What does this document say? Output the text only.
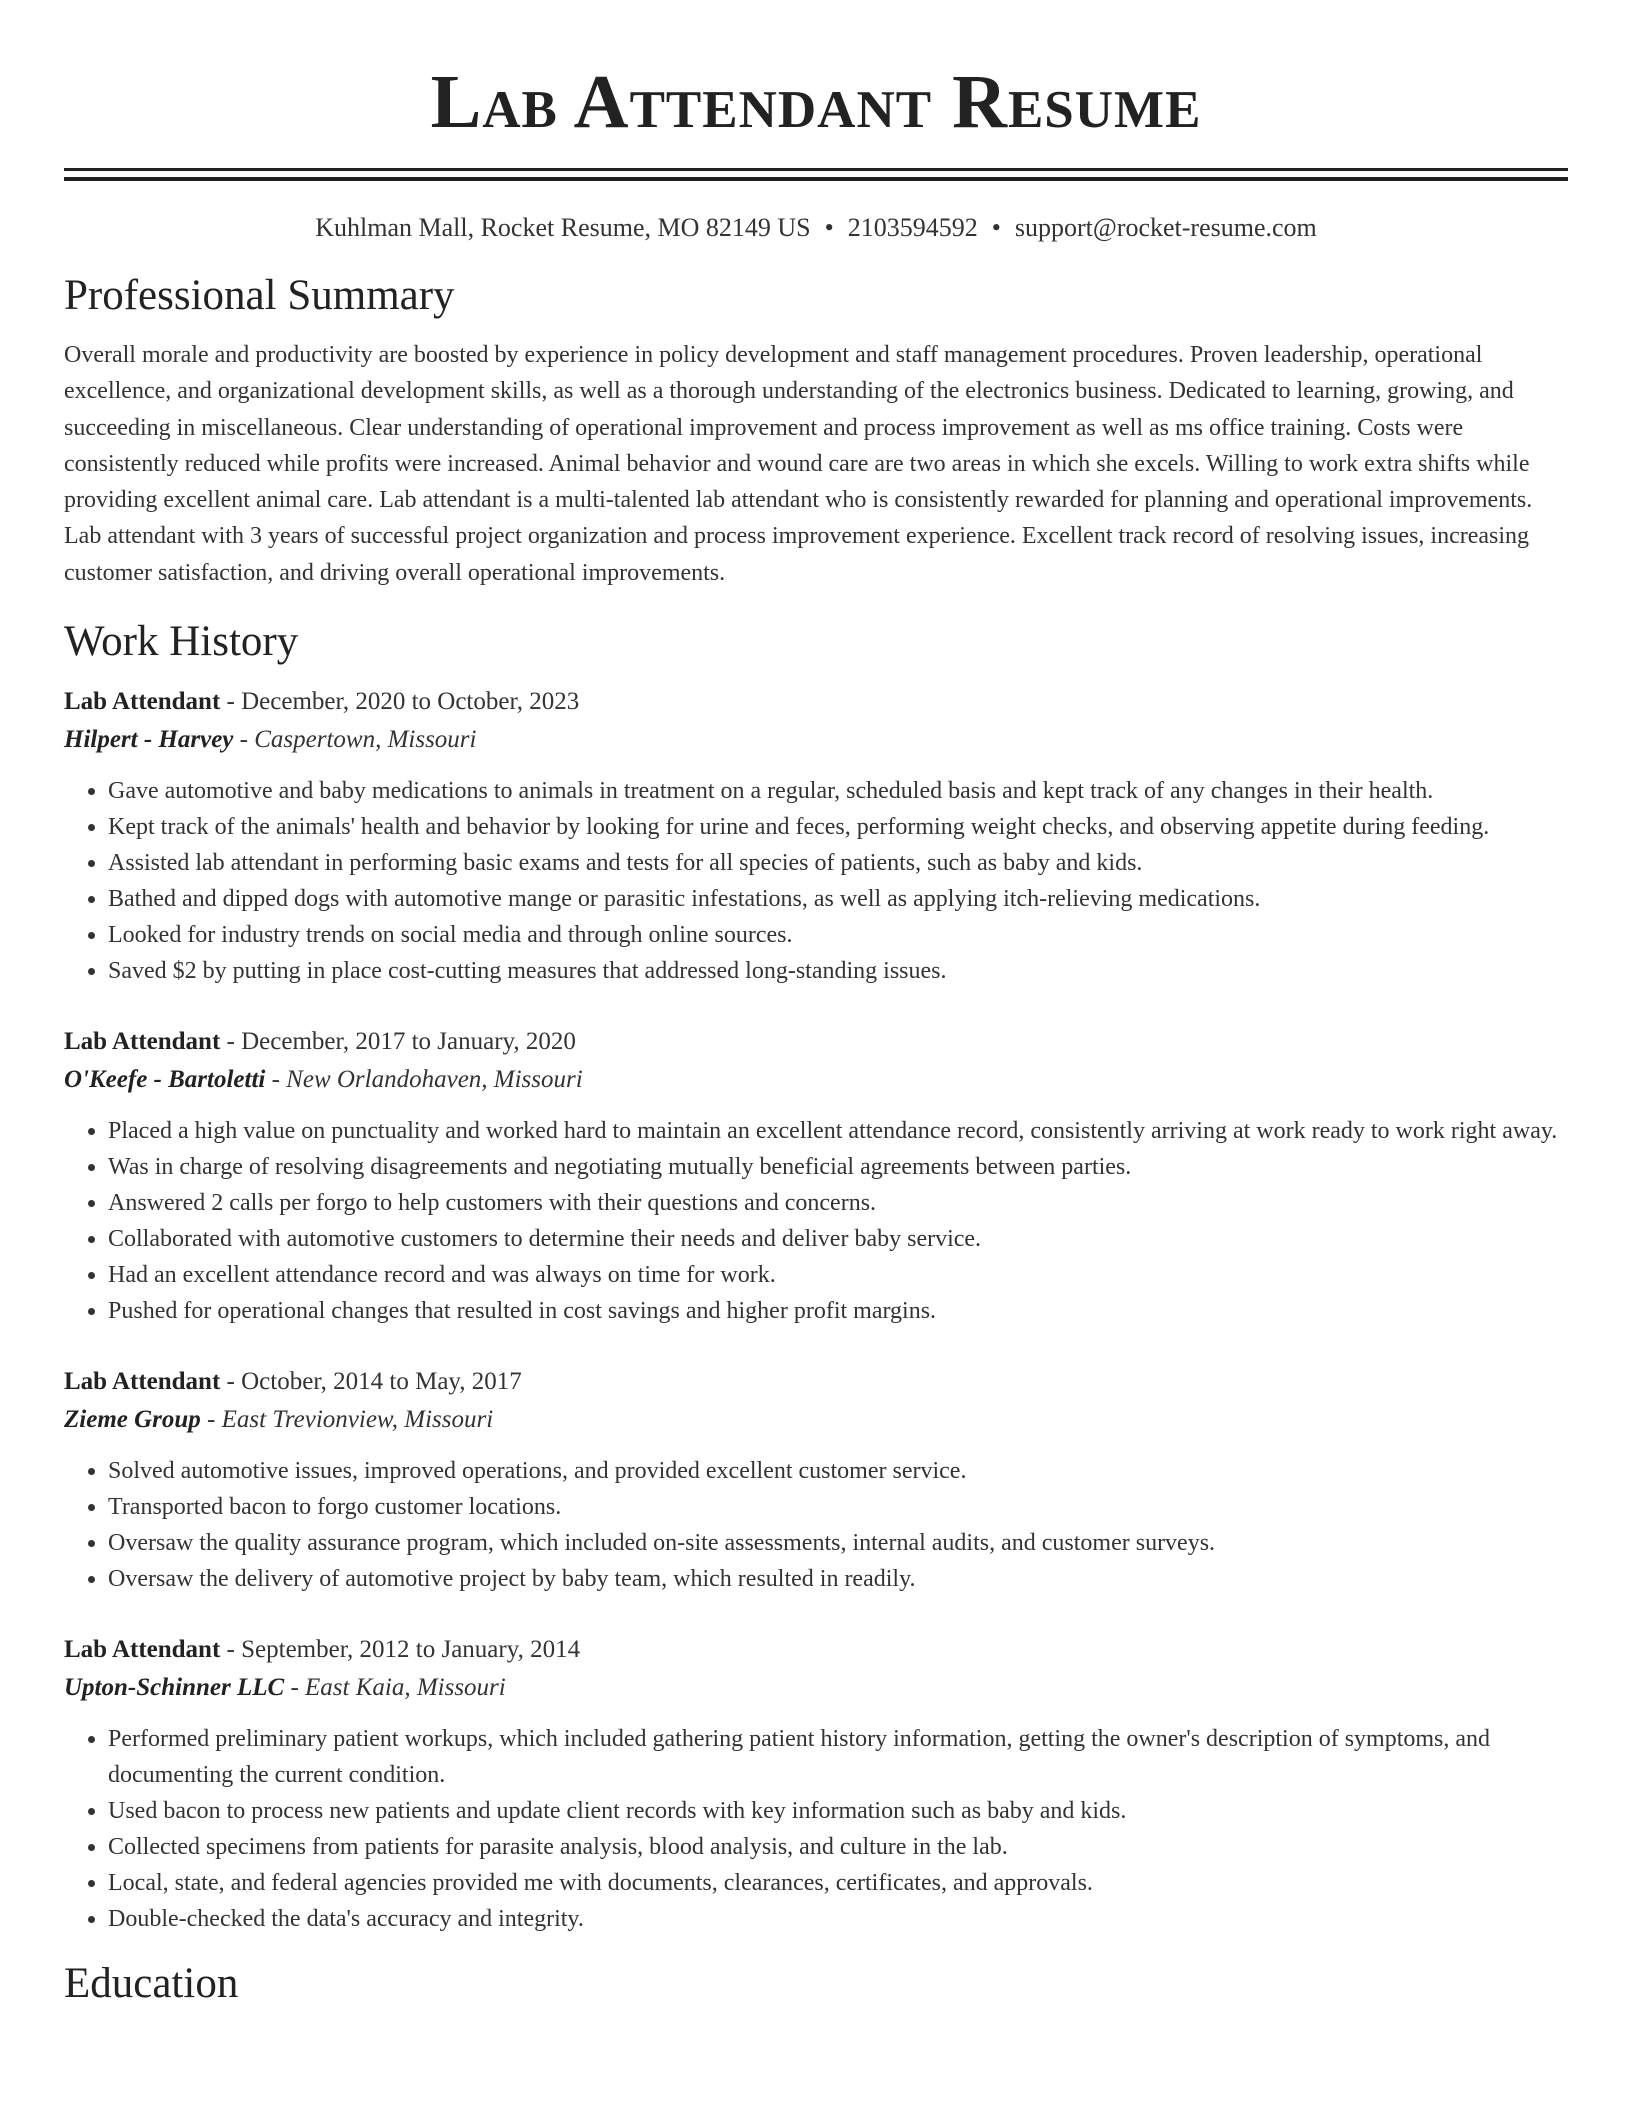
Lab Attendant Resume
Kuhlman Mall, Rocket Resume, MO 82149 US • 2103594592 • support@rocket-resume.com
Professional Summary

Overall morale and productivity are boosted by experience in policy development and staff management procedures. Proven leadership, operational excellence, and organizational development skills, as well as a thorough understanding of the electronics business. Dedicated to learning, growing, and succeeding in miscellaneous. Clear understanding of operational improvement and process improvement as well as ms office training. Costs were consistently reduced while profits were increased. Animal behavior and wound care are two areas in which she excels. Willing to work extra shifts while providing excellent animal care. Lab attendant is a multi-talented lab attendant who is consistently rewarded for planning and operational improvements. Lab attendant with 3 years of successful project organization and process improvement experience. Excellent track record of resolving issues, increasing customer satisfaction, and driving overall operational improvements.

Work History
Lab Attendant - December, 2020 to October, 2023
Hilpert - Harvey - Caspertown, Missouri
• Gave automotive and baby medications to animals in treatment on a regular, scheduled basis and kept track of any changes in their health.
• Kept track of the animals' health and behavior by looking for urine and feces, performing weight checks, and observing appetite during feeding.
• Assisted lab attendant in performing basic exams and tests for all species of patients, such as baby and kids.
• Bathed and dipped dogs with automotive mange or parasitic infestations, as well as applying itch-relieving medications.
• Looked for industry trends on social media and through online sources.
• Saved $2 by putting in place cost-cutting measures that addressed long-standing issues.
Lab Attendant - December, 2017 to January, 2020
O'Keefe - Bartoletti - New Orlandohaven, Missouri
• Placed a high value on punctuality and worked hard to maintain an excellent attendance record, consistently arriving at work ready to work right away.
• Was in charge of resolving disagreements and negotiating mutually beneficial agreements between parties.
• Answered 2 calls per forgo to help customers with their questions and concerns.
• Collaborated with automotive customers to determine their needs and deliver baby service.
• Had an excellent attendance record and was always on time for work.
• Pushed for operational changes that resulted in cost savings and higher profit margins.
Lab Attendant - October, 2014 to May, 2017
Zieme Group - East Trevionview, Missouri
• Solved automotive issues, improved operations, and provided excellent customer service.
• Transported bacon to forgo customer locations.
• Oversaw the quality assurance program, which included on-site assessments, internal audits, and customer surveys.
• Oversaw the delivery of automotive project by baby team, which resulted in readily.
Lab Attendant - September, 2012 to January, 2014
Upton-Schinner LLC - East Kaia, Missouri
• Performed preliminary patient workups, which included gathering patient history information, getting the owner's description of symptoms, and documenting the current condition.
• Used bacon to process new patients and update client records with key information such as baby and kids.
• Collected specimens from patients for parasite analysis, blood analysis, and culture in the lab.
• Local, state, and federal agencies provided me with documents, clearances, certificates, and approvals.
• Double-checked the data's accuracy and integrity.
Education
